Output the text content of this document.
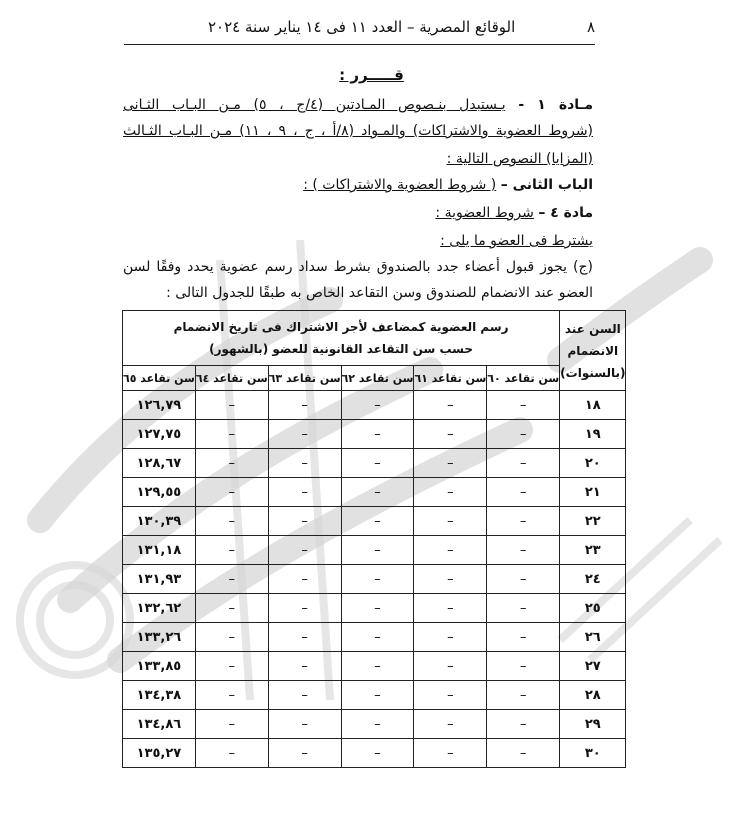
٨
الوقائع المصرية – العدد ١١ فى ١٤ يناير سنة ٢٠٢٤
قـــــرر :
مـادة ١ - يـستبدل بنـصوص المـادتين (٤/ج ، ٥) مـن البـاب الثـانى
(شروط العضوية والاشتراكات) والمـواد (٨/أ ، ج ، ٩ ، ١١) مـن البـاب الثـالث
(المزايا) النصوص التالية :
الباب الثانى – ( شروط العضوية والاشتراكات ) :
مادة ٤ – شروط العضوية :
يشترط فى العضو ما يلى :
(ج) يجوز قبول أعضاء جدد بالصندوق بشرط سداد رسم عضوية يحدد وفقًا لسن
العضو عند الانضمام للصندوق وسن التقاعد الخاص به طبقًا للجدول التالى :
السن عند الانضمام (بالسنوات)	رسم العضوية كمضاعف لأجر الاشتراك فى تاريخ الانضمام
حسب سن التقاعد القانونية للعضو (بالشهور)					

	سن تقاعد ٦٠	سن تقاعد ٦١	سن تقاعد ٦٢	سن تقاعد ٦٣	سن تقاعد ٦٤	سن تقاعد ٦٥
١٨	–	–	–	–	–	١٢٦,٧٩
١٩	–	–	–	–	–	١٢٧,٧٥
٢٠	–	–	–	–	–	١٢٨,٦٧
٢١	–	–	–	–	–	١٢٩,٥٥
٢٢	–	–	–	–	–	١٣٠,٣٩
٢٣	–	–	–	–	–	١٣١,١٨
٢٤	–	–	–	–	–	١٣١,٩٣
٢٥	–	–	–	–	–	١٣٢,٦٢
٢٦	–	–	–	–	–	١٣٣,٢٦
٢٧	–	–	–	–	–	١٣٣,٨٥
٢٨	–	–	–	–	–	١٣٤,٣٨
٢٩	–	–	–	–	–	١٣٤,٨٦
٣٠	–	–	–	–	–	١٣٥,٢٧
